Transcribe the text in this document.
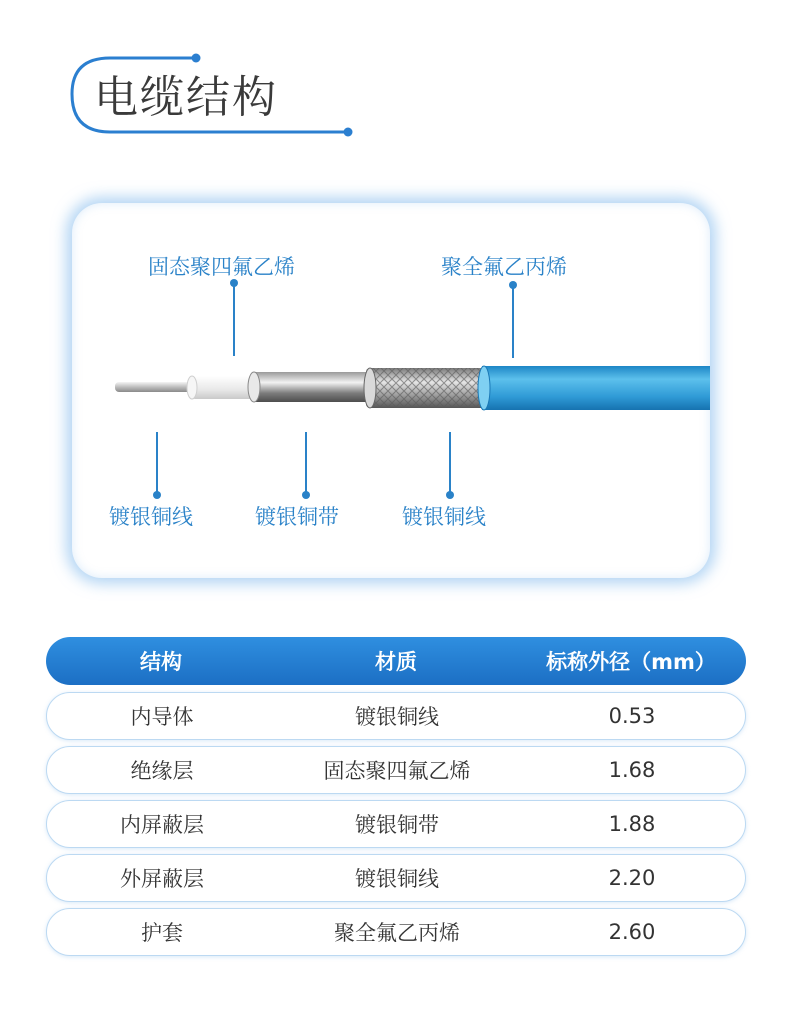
电缆结构
固态聚四氟乙烯	聚全氟乙丙烯
镀银铜线	镀银铜带	镀银铜线
结构	材质	标称外径（mm）
内导体	镀银铜线	0.53
绝缘层	固态聚四氟乙烯	1.68
内屏蔽层	镀银铜带	1.88
外屏蔽层	镀银铜线	2.20
护套	聚全氟乙丙烯	2.60
